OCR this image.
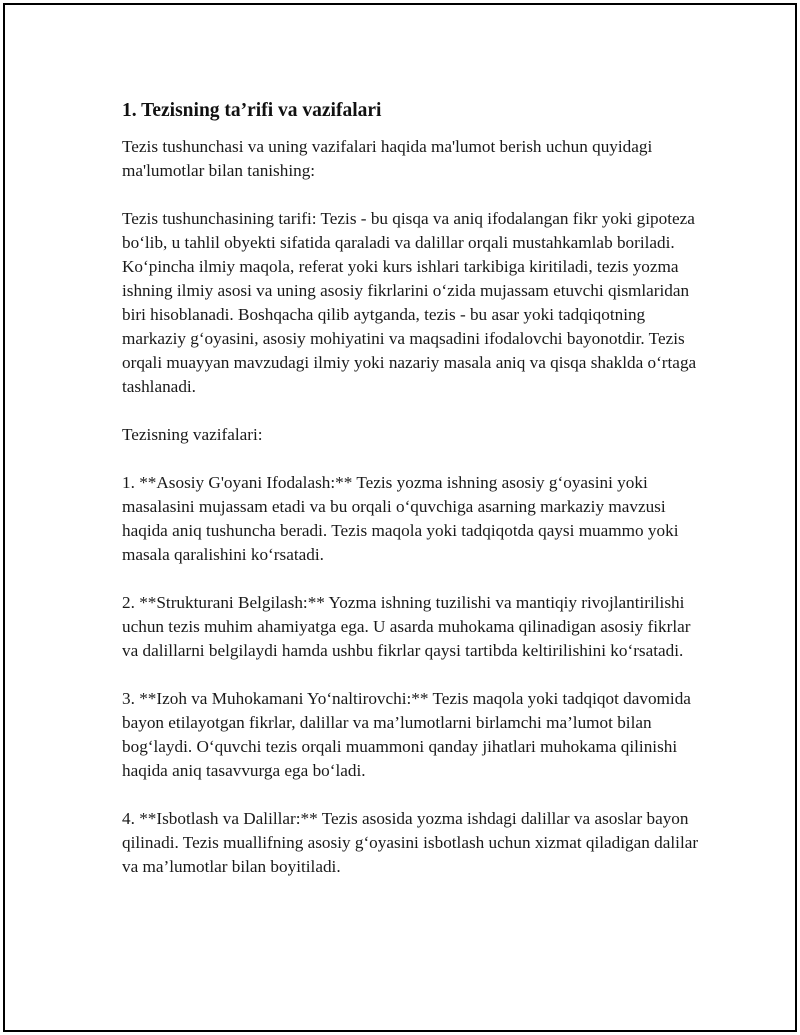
1. Tezisning ta’rifi va vazifalari

Tezis tushunchasi va uning vazifalari haqida ma'lumot berish uchun quyidagi ma'lumotlar bilan tanishing:

Tezis tushunchasining tarifi: Tezis - bu qisqa va aniq ifodalangan fikr yoki gipoteza bo‘lib, u tahlil obyekti sifatida qaraladi va dalillar orqali mustahkamlab boriladi. Ko‘pincha ilmiy maqola, referat yoki kurs ishlari tarkibiga kiritiladi, tezis yozma ishning ilmiy asosi va uning asosiy fikrlarini o‘zida mujassam etuvchi qismlaridan biri hisoblanadi. Boshqacha qilib aytganda, tezis - bu asar yoki tadqiqotning markaziy g‘oyasini, asosiy mohiyatini va maqsadini ifodalovchi bayonotdir. Tezis orqali muayyan mavzudagi ilmiy yoki nazariy masala aniq va qisqa shaklda o‘rtaga tashlanadi.

Tezisning vazifalari:

1. **Asosiy G'oyani Ifodalash:** Tezis yozma ishning asosiy g‘oyasini yoki masalasini mujassam etadi va bu orqali o‘quvchiga asarning markaziy mavzusi haqida aniq tushuncha beradi. Tezis maqola yoki tadqiqotda qaysi muammo yoki masala qaralishini ko‘rsatadi.

2. **Strukturani Belgilash:** Yozma ishning tuzilishi va mantiqiy rivojlantirilishi uchun tezis muhim ahamiyatga ega. U asarda muhokama qilinadigan asosiy fikrlar va dalillarni belgilaydi hamda ushbu fikrlar qaysi tartibda keltirilishini ko‘rsatadi.

3. **Izoh va Muhokamani Yo‘naltirovchi:** Tezis maqola yoki tadqiqot davomida bayon etilayotgan fikrlar, dalillar va ma’lumotlarni birlamchi ma’lumot bilan bog‘laydi. O‘quvchi tezis orqali muammoni qanday jihatlari muhokama qilinishi haqida aniq tasavvurga ega bo‘ladi.

4. **Isbotlash va Dalillar:** Tezis asosida yozma ishdagi dalillar va asoslar bayon qilinadi. Tezis muallifning asosiy g‘oyasini isbotlash uchun xizmat qiladigan dalilar va ma’lumotlar bilan boyitiladi.
